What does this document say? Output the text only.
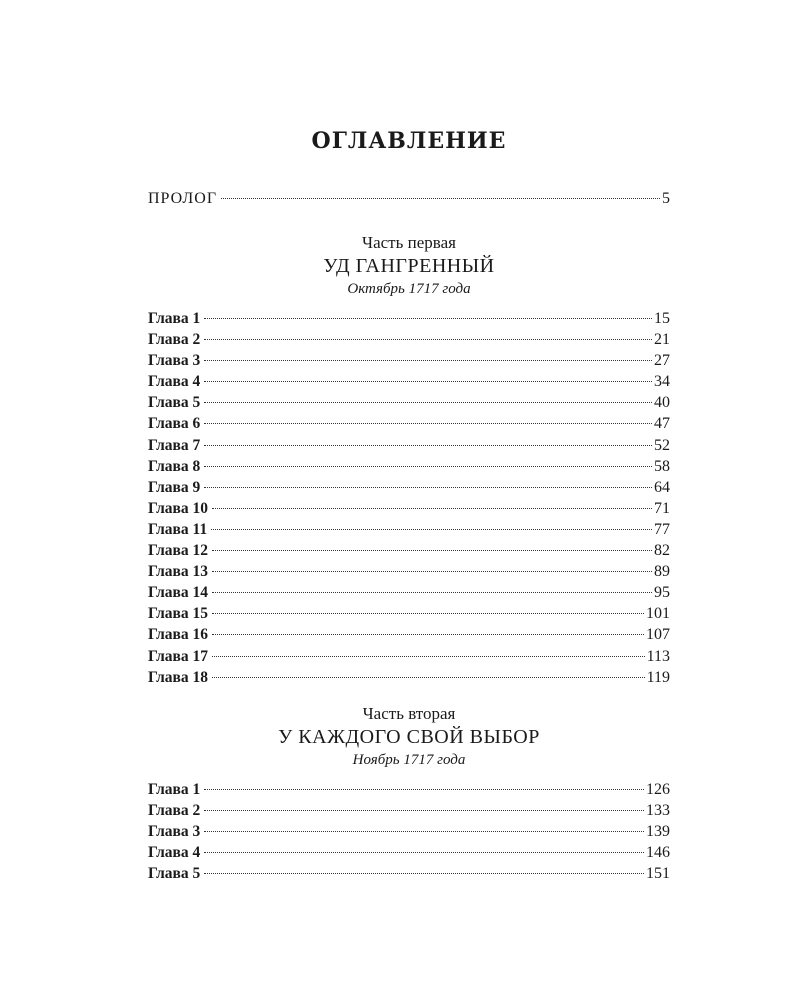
ОГЛАВЛЕНИЕ
ПРОЛОГ	5
Часть первая
УД ГАНГРЕННЫЙ
Октябрь 1717 года
Глава 1	15
Глава 2	21
Глава 3	27
Глава 4	34
Глава 5	40
Глава 6	47
Глава 7	52
Глава 8	58
Глава 9	64
Глава 10	71
Глава 11	77
Глава 12	82
Глава 13	89
Глава 14	95
Глава 15	101
Глава 16	107
Глава 17	113
Глава 18	119
Часть вторая
У КАЖДОГО СВОЙ ВЫБОР
Ноябрь 1717 года
Глава 1	126
Глава 2	133
Глава 3	139
Глава 4	146
Глава 5	151
